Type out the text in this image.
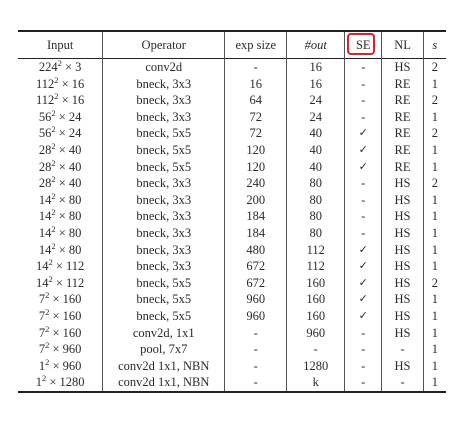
Input	Operator	exp size	#out	SE	NL	s
$224^2 \times 3$	conv2d	-	16	-	HS	2
$112^2 \times 16$	bneck, 3x3	16	16	-	RE	1
$112^2 \times 16$	bneck, 3x3	64	24	-	RE	2
$56^2 \times 24$	bneck, 3x3	72	24	-	RE	1
$56^2 \times 24$	bneck, 5x5	72	40	✓	RE	2
$28^2 \times 40$	bneck, 5x5	120	40	✓	RE	1
$28^2 \times 40$	bneck, 5x5	120	40	✓	RE	1
$28^2 \times 40$	bneck, 3x3	240	80	-	HS	2
$14^2 \times 80$	bneck, 3x3	200	80	-	HS	1
$14^2 \times 80$	bneck, 3x3	184	80	-	HS	1
$14^2 \times 80$	bneck, 3x3	184	80	-	HS	1
$14^2 \times 80$	bneck, 3x3	480	112	✓	HS	1
$14^2 \times 112$	bneck, 3x3	672	112	✓	HS	1
$14^2 \times 112$	bneck, 5x5	672	160	✓	HS	2
$7^2 \times 160$	bneck, 5x5	960	160	✓	HS	1
$7^2 \times 160$	bneck, 5x5	960	160	✓	HS	1
$7^2 \times 160$	conv2d, 1x1	-	960	-	HS	1
$7^2 \times 960$	pool, 7x7	-	-	-	-	1
$1^2 \times 960$	conv2d 1x1, NBN	-	1280	-	HS	1
$1^2 \times 1280$	conv2d 1x1, NBN	-	k	-	-	1
